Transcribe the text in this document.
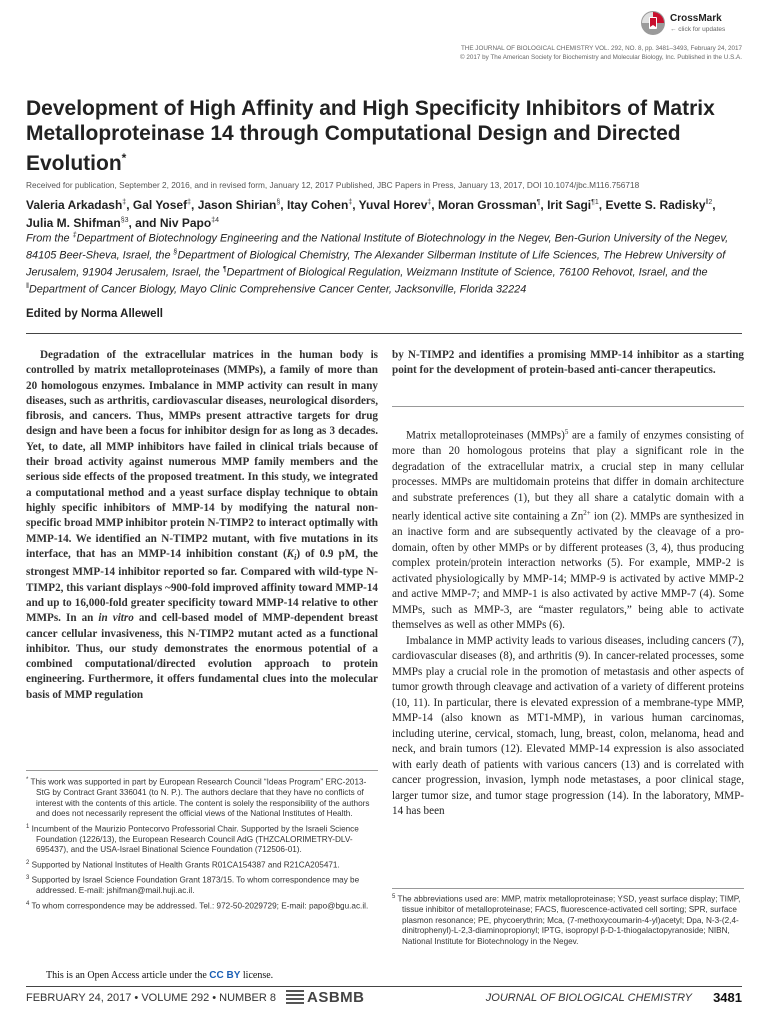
CrossMark
← click for updates
THE JOURNAL OF BIOLOGICAL CHEMISTRY VOL. 292, NO. 8, pp. 3481–3493, February 24, 2017
© 2017 by The American Society for Biochemistry and Molecular Biology, Inc. Published in the U.S.A.
Development of High Affinity and High Specificity Inhibitors of Matrix Metalloproteinase 14 through Computational Design and Directed Evolution*
Received for publication, September 2, 2016, and in revised form, January 12, 2017 Published, JBC Papers in Press, January 13, 2017, DOI 10.1074/jbc.M116.756718
Valeria Arkadash‡, Gal Yosef‡, Jason Shirian§, Itay Cohen‡, Yuval Horev‡, Moran Grossman¶, Irit Sagi$^{\P 1}$, Evette S. Radisky$^{‖2}$, Julia M. Shifman$^{\S 3}$, and Niv Papo$^{\ddagger 4}$
From the ‡Department of Biotechnology Engineering and the National Institute of Biotechnology in the Negev, Ben-Gurion University of the Negev, 84105 Beer-Sheva, Israel, the §Department of Biological Chemistry, The Alexander Silberman Institute of Life Sciences, The Hebrew University of Jerusalem, 91904 Jerusalem, Israel, the ¶Department of Biological Regulation, Weizmann Institute of Science, 76100 Rehovot, Israel, and the ‖Department of Cancer Biology, Mayo Clinic Comprehensive Cancer Center, Jacksonville, Florida 32224
Edited by Norma Allewell

Degradation of the extracellular matrices in the human body is controlled by matrix metalloproteinases (MMPs), a family of more than 20 homologous enzymes. Imbalance in MMP activity can result in many diseases, such as arthritis, cardiovascular diseases, neurological disorders, fibrosis, and cancers. Thus, MMPs present attractive targets for drug design and have been a focus for inhibitor design for as long as 3 decades. Yet, to date, all MMP inhibitors have failed in clinical trials because of their broad activity against numerous MMP family members and the serious side effects of the proposed treatment. In this study, we integrated a computational method and a yeast surface display technique to obtain highly specific inhibitors of MMP-14 by modifying the natural non-specific broad MMP inhibitor protein N-TIMP2 to interact optimally with MMP-14. We identified an N-TIMP2 mutant, with five mutations in its interface, that has an MMP-14 inhibition constant $(K_i)$ of 0.9 pM, the strongest MMP-14 inhibitor reported so far. Compared with wild-type N-TIMP2, this variant displays ~900-fold improved affinity toward MMP-14 and up to 16,000-fold greater specificity toward MMP-14 relative to other MMPs. In an in vitro and cell-based model of MMP-dependent breast cancer cellular invasiveness, this N-TIMP2 mutant acted as a functional inhibitor. Thus, our study demonstrates the enormous potential of a combined computational/directed evolution approach to protein engineering. Furthermore, it offers fundamental clues into the molecular basis of MMP regulation

by N-TIMP2 and identifies a promising MMP-14 inhibitor as a starting point for the development of protein-based anti-cancer therapeutics.

Matrix metalloproteinases (MMPs)$^5$ are a family of enzymes consisting of more than 20 homologous proteins that play a significant role in the degradation of the extracellular matrix, a crucial step in many cellular processes. MMPs are multidomain proteins that differ in domain architecture and substrate preferences (1), but they all share a catalytic domain with a nearly identical active site containing a $Zn^{2+}$ ion (2). MMPs are synthesized in an inactive form and are subsequently activated by the cleavage of a pro-domain, often by other MMPs or by different proteases (3, 4), thus producing complex protein/protein interaction networks (5). For example, MMP-2 is activated physiologically by MMP-14; MMP-9 is activated by active MMP-2 and active MMP-7; and MMP-1 is also activated by active MMP-7 (4). Some MMPs, such as MMP-3, are “master regulators,” being able to activate themselves as well as other MMPs (6).

Imbalance in MMP activity leads to various diseases, including cancers (7), cardiovascular diseases (8), and arthritis (9). In cancer-related processes, some MMPs play a crucial role in the promotion of metastasis and other aspects of tumor growth through cleavage and activation of a variety of different proteins (10, 11). In particular, there is elevated expression of a membrane-type MMP, MMP-14 (also known as MT1-MMP), in various human carcinomas, including uterine, cervical, stomach, lung, breast, colon, melanoma, head and neck, and brain tumors (12). Elevated MMP-14 expression is also associated with early death of patients with various cancers (13) and is correlated with cancer progression, invasion, lymph node metastases, a poor clinical stage, larger tumor size, and tumor stage progression (14). In the laboratory, MMP-14 has been

* This work was supported in part by European Research Council “Ideas Program” ERC-2013-StG by Contract Grant 336041 (to N. P.). The authors declare that they have no conflicts of interest with the contents of this article. The content is solely the responsibility of the authors and does not necessarily represent the official views of the National Institutes of Health.

$^1$ Incumbent of the Maurizio Pontecorvo Professorial Chair. Supported by the Israeli Science Foundation (1226/13), the European Research Council AdG (THZCALORIMETRY-DLV-695437), and the USA-Israel Binational Science Foundation (712506-01).

$^2$ Supported by National Institutes of Health Grants R01CA154387 and R21CA205471.

$^3$ Supported by Israel Science Foundation Grant 1873/15. To whom correspondence may be addressed. E-mail: jshifman@mail.huji.ac.il.

$^4$ To whom correspondence may be addressed. Tel.: 972-50-2029729; E-mail: papo@bgu.ac.il.

$^5$ The abbreviations used are: MMP, matrix metalloproteinase; YSD, yeast surface display; TIMP, tissue inhibitor of metalloproteinase; FACS, fluorescence-activated cell sorting; SPR, surface plasmon resonance; PE, phycoerythrin; Mca, (7-methoxycoumarin-4-yl)acetyl; Dpa, N-3-(2,4-dinitrophenyl)-L-2,3-diaminopropionyl; IPTG, isopropyl β-D-1-thiogalactopyranoside; NIBN, National Institute for Biotechnology in the Negev.

This is an Open Access article under the CC BY license.
FEBRUARY 24, 2017 • VOLUME 292 • NUMBER 8 ASBMB	JOURNAL OF BIOLOGICAL CHEMISTRY 3481
